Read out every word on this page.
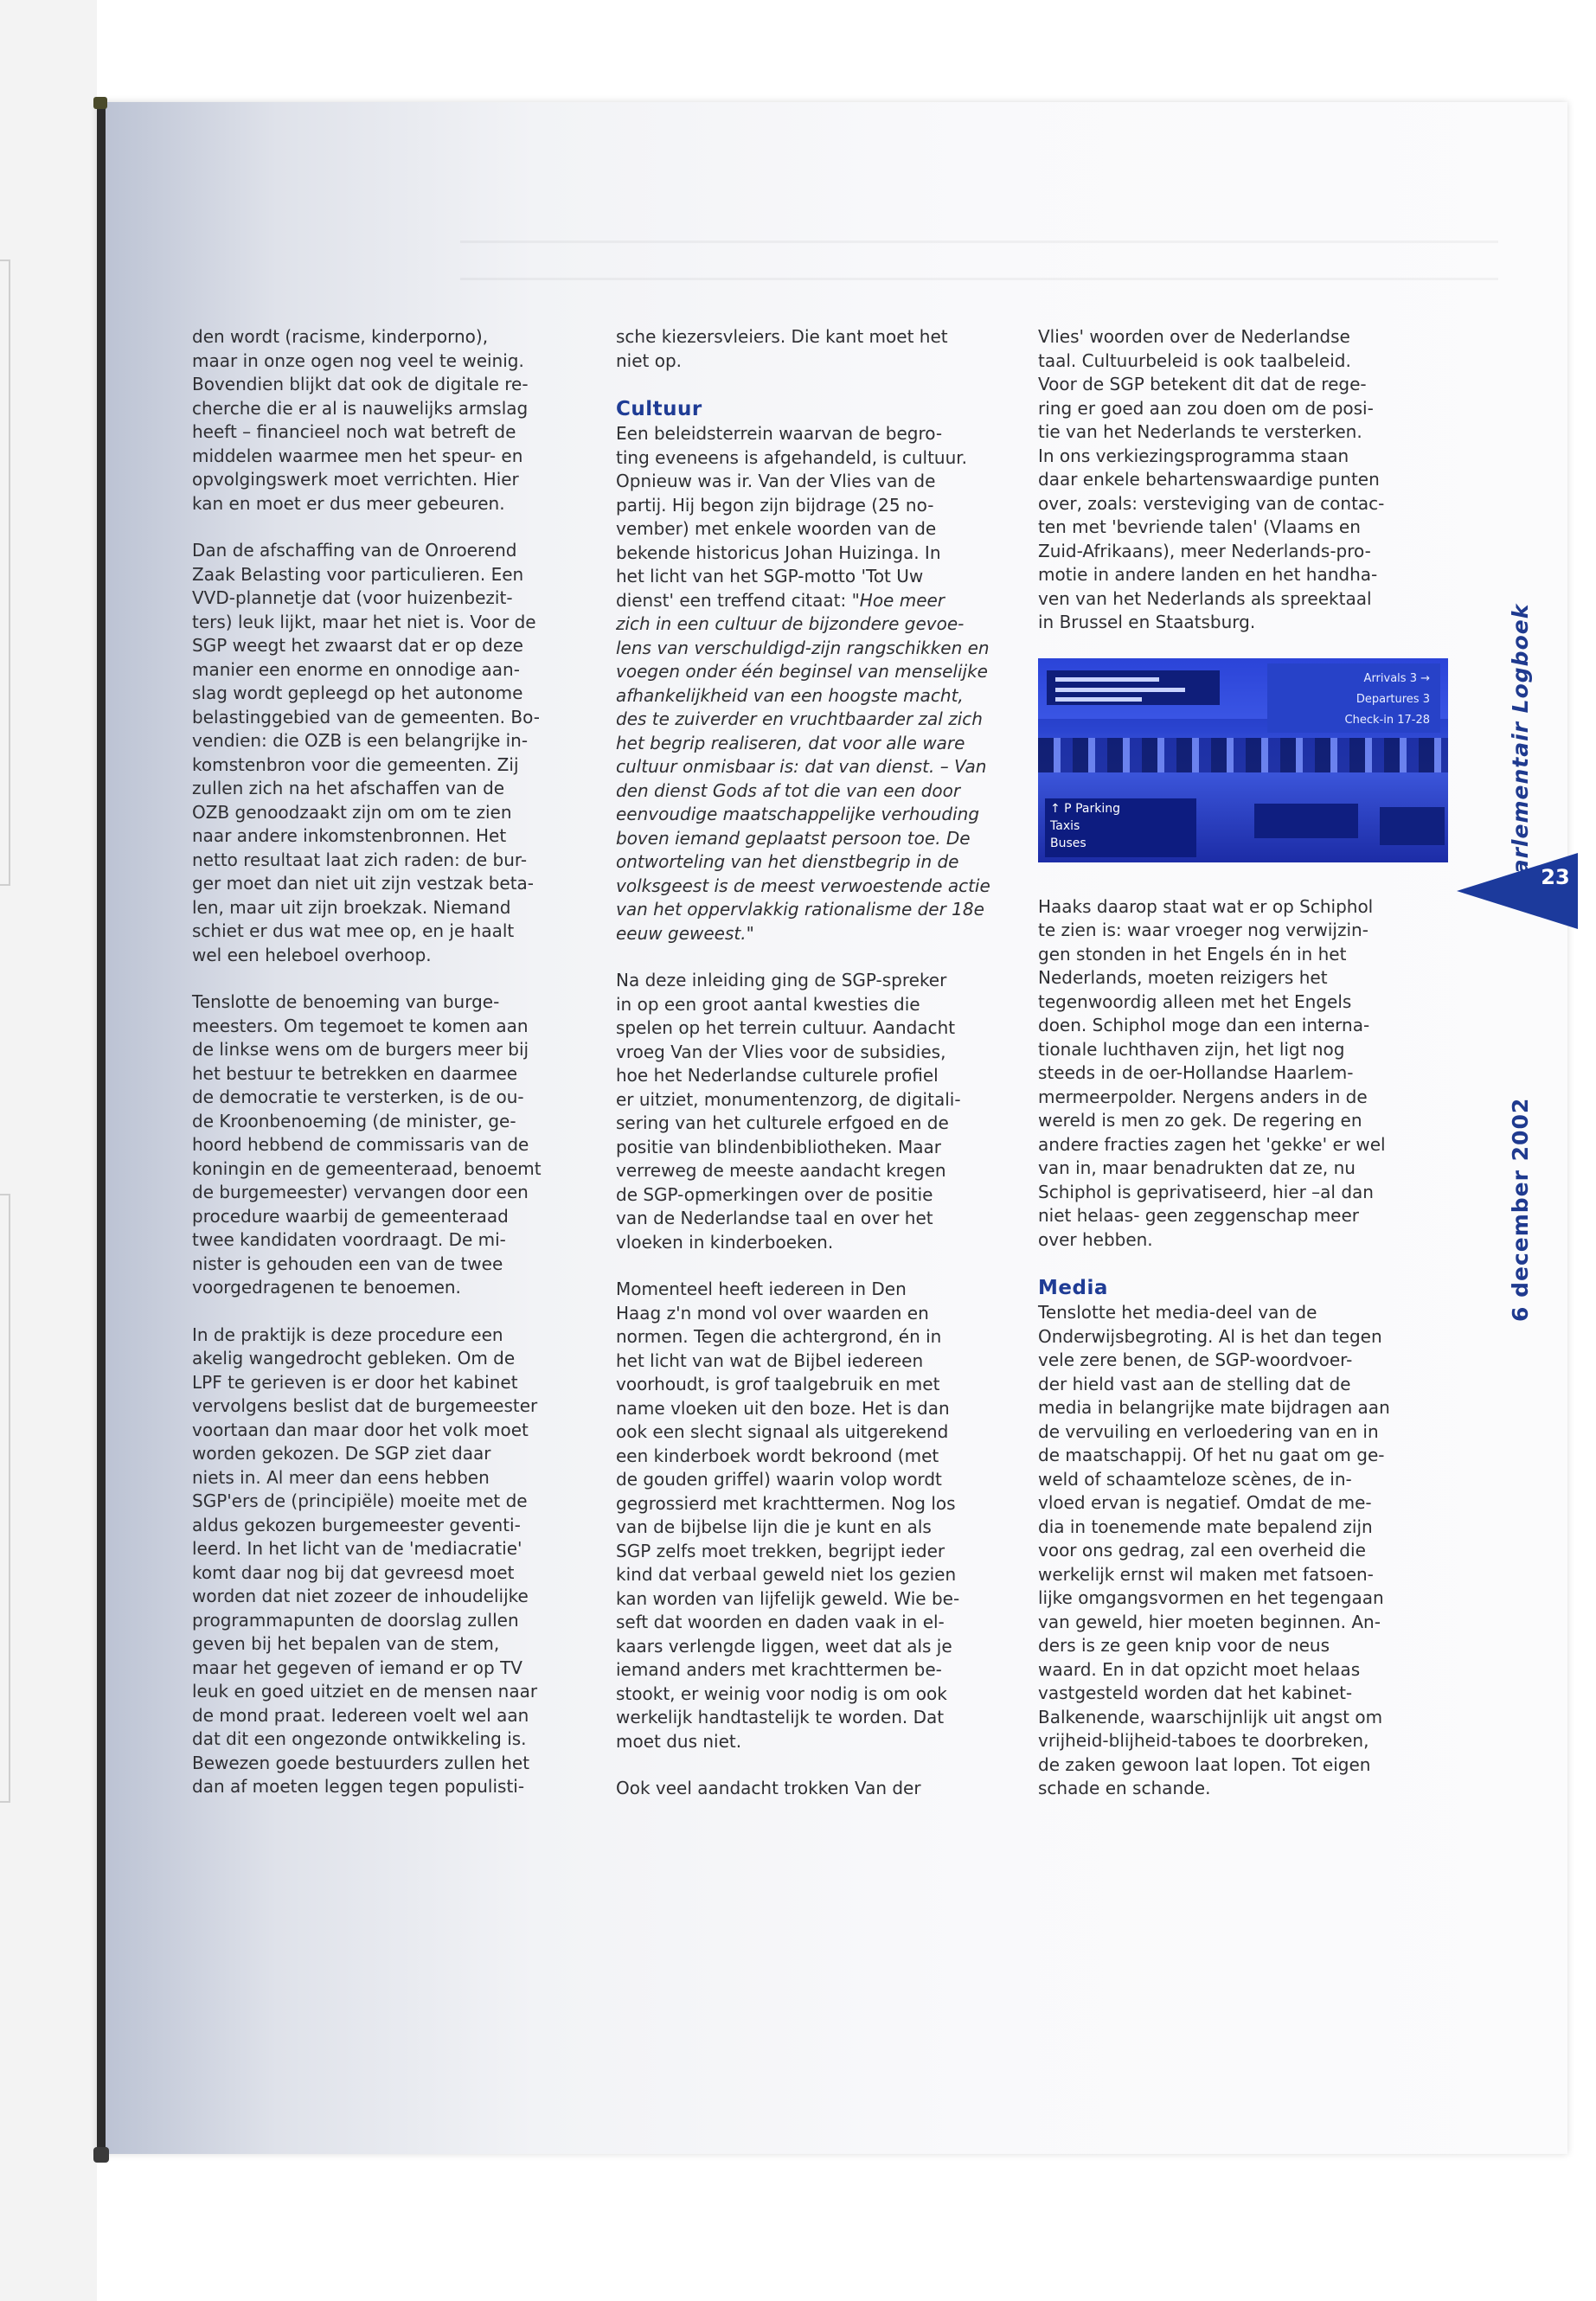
den wordt (racisme, kinderporno),
maar in onze ogen nog veel te weinig.
Bovendien blijkt dat ook de digitale re-
cherche die er al is nauwelijks armslag
heeft – financieel noch wat betreft de
middelen waarmee men het speur- en
opvolgingswerk moet verrichten. Hier
kan en moet er dus meer gebeuren.

Dan de afschaffing van de Onroerend
Zaak Belasting voor particulieren. Een
VVD-plannetje dat (voor huizenbezit-
ters) leuk lijkt, maar het niet is. Voor de
SGP weegt het zwaarst dat er op deze
manier een enorme en onnodige aan-
slag wordt gepleegd op het autonome
belastinggebied van de gemeenten. Bo-
vendien: die OZB is een belangrijke in-
komstenbron voor die gemeenten. Zij
zullen zich na het afschaffen van de
OZB genoodzaakt zijn om om te zien
naar andere inkomstenbronnen. Het
netto resultaat laat zich raden: de bur-
ger moet dan niet uit zijn vestzak beta-
len, maar uit zijn broekzak. Niemand
schiet er dus wat mee op, en je haalt
wel een heleboel overhoop.

Tenslotte de benoeming van burge-
meesters. Om tegemoet te komen aan
de linkse wens om de burgers meer bij
het bestuur te betrekken en daarmee
de democratie te versterken, is de ou-
de Kroonbenoeming (de minister, ge-
hoord hebbend de commissaris van de
koningin en de gemeenteraad, benoemt
de burgemeester) vervangen door een
procedure waarbij de gemeenteraad
twee kandidaten voordraagt. De mi-
nister is gehouden een van de twee
voorgedragenen te benoemen.

In de praktijk is deze procedure een
akelig wangedrocht gebleken. Om de
LPF te gerieven is er door het kabinet
vervolgens beslist dat de burgemeester
voortaan dan maar door het volk moet
worden gekozen. De SGP ziet daar
niets in. Al meer dan eens hebben
SGP'ers de (principiële) moeite met de
aldus gekozen burgemeester geventi-
leerd. In het licht van de 'mediacratie'
komt daar nog bij dat gevreesd moet
worden dat niet zozeer de inhoudelijke
programmapunten de doorslag zullen
geven bij het bepalen van de stem,
maar het gegeven of iemand er op TV
leuk en goed uitziet en de mensen naar
de mond praat. Iedereen voelt wel aan
dat dit een ongezonde ontwikkeling is.
Bewezen goede bestuurders zullen het
dan af moeten leggen tegen populisti-

sche kiezersvleiers. Die kant moet het
niet op.

Cultuur

Een beleidsterrein waarvan de begro-
ting eveneens is afgehandeld, is cultuur.
Opnieuw was ir. Van der Vlies van de
partij. Hij begon zijn bijdrage (25 no-
vember) met enkele woorden van de
bekende historicus Johan Huizinga. In
het licht van het SGP-motto 'Tot Uw
dienst' een treffend citaat: "Hoe meer
zich in een cultuur de bijzondere gevoe-
lens van verschuldigd-zijn rangschikken en
voegen onder één beginsel van menselijke
afhankelijkheid van een hoogste macht,
des te zuiverder en vruchtbaarder zal zich
het begrip realiseren, dat voor alle ware
cultuur onmisbaar is: dat van dienst. – Van
den dienst Gods af tot die van een door
eenvoudige maatschappelijke verhouding
boven iemand geplaatst persoon toe. De
ontworteling van het dienstbegrip in de
volksgeest is de meest verwoestende actie
van het oppervlakkig rationalisme der 18e
eeuw geweest."

Na deze inleiding ging de SGP-spreker
in op een groot aantal kwesties die
spelen op het terrein cultuur. Aandacht
vroeg Van der Vlies voor de subsidies,
hoe het Nederlandse culturele profiel
er uitziet, monumentenzorg, de digitali-
sering van het culturele erfgoed en de
positie van blindenbibliotheken. Maar
verreweg de meeste aandacht kregen
de SGP-opmerkingen over de positie
van de Nederlandse taal en over het
vloeken in kinderboeken.

Momenteel heeft iedereen in Den
Haag z'n mond vol over waarden en
normen. Tegen die achtergrond, én in
het licht van wat de Bijbel iedereen
voorhoudt, is grof taalgebruik en met
name vloeken uit den boze. Het is dan
ook een slecht signaal als uitgerekend
een kinderboek wordt bekroond (met
de gouden griffel) waarin volop wordt
gegrossierd met krachttermen. Nog los
van de bijbelse lijn die je kunt en als
SGP zelfs moet trekken, begrijpt ieder
kind dat verbaal geweld niet los gezien
kan worden van lijfelijk geweld. Wie be-
seft dat woorden en daden vaak in el-
kaars verlengde liggen, weet dat als je
iemand anders met krachttermen be-
stookt, er weinig voor nodig is om ook
werkelijk handtastelijk te worden. Dat
moet dus niet.

Ook veel aandacht trokken Van der

Vlies' woorden over de Nederlandse
taal. Cultuurbeleid is ook taalbeleid.
Voor de SGP betekent dit dat de rege-
ring er goed aan zou doen om de posi-
tie van het Nederlands te versterken.
In ons verkiezingsprogramma staan
daar enkele behartenswaardige punten
over, zoals: versteviging van de contac-
ten met 'bevriende talen' (Vlaams en
Zuid-Afrikaans), meer Nederlands-pro-
motie in andere landen en het handha-
ven van het Nederlands als spreektaal
in Brussel en Staatsburg.

Arrivals 3 →
Departures 3
Check-in 17-28
↑ P Parking
Taxis
Buses

Haaks daarop staat wat er op Schiphol
te zien is: waar vroeger nog verwijzin-
gen stonden in het Engels én in het
Nederlands, moeten reizigers het
tegenwoordig alleen met het Engels
doen. Schiphol moge dan een interna-
tionale luchthaven zijn, het ligt nog
steeds in de oer-Hollandse Haarlem-
mermeerpolder. Nergens anders in de
wereld is men zo gek. De regering en
andere fracties zagen het 'gekke' er wel
van in, maar benadrukten dat ze, nu
Schiphol is geprivatiseerd, hier –al dan
niet helaas- geen zeggenschap meer
over hebben.

Media

Tenslotte het media-deel van de
Onderwijsbegroting. Al is het dan tegen
vele zere benen, de SGP-woordvoer-
der hield vast aan de stelling dat de
media in belangrijke mate bijdragen aan
de vervuiling en verloedering van en in
de maatschappij. Of het nu gaat om ge-
weld of schaamteloze scènes, de in-
vloed ervan is negatief. Omdat de me-
dia in toenemende mate bepalend zijn
voor ons gedrag, zal een overheid die
werkelijk ernst wil maken met fatsoen-
lijke omgangsvormen en het tegengaan
van geweld, hier moeten beginnen. An-
ders is ze geen knip voor de neus
waard. En in dat opzicht moet helaas
vastgesteld worden dat het kabinet-
Balkenende, waarschijnlijk uit angst om
vrijheid-blijheid-taboes te doorbreken,
de zaken gewoon laat lopen. Tot eigen
schade en schande.

Parlementair Logboek 23
6 december 2002
